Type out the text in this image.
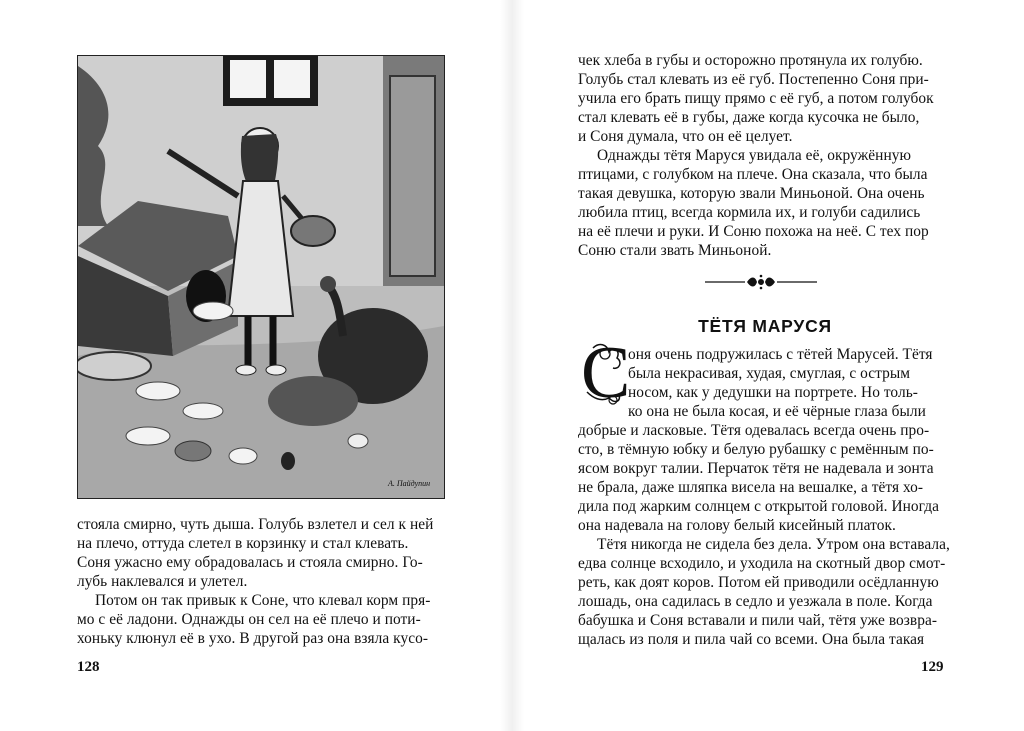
стояла смирно, чуть дыша. Голубь взлетел и сел к ней
на плечо, оттуда слетел в корзинку и стал клевать.
Соня ужасно ему обрадовалась и стояла смирно. Го-
лубь наклевался и улетел.
Потом он так привык к Соне, что клевал корм пря-
мо с её ладони. Однажды он сел на её плечо и поти-
хоньку клюнул её в ухо. В другой раз она взяла кусо-
128
чек хлеба в губы и осторожно протянула их голубю.
Голубь стал клевать из её губ. Постепенно Соня при-
учила его брать пищу прямо с её губ, а потом голубок
стал клевать её в губы, даже когда кусочка не было,
и Соня думала, что он её целует.
Однажды тётя Маруся увидала её, окружённую
птицами, с голубком на плече. Она сказала, что была
такая девушка, которую звали Миньоной. Она очень
любила птиц, всегда кормила их, и голуби садились
на её плечи и руки. И Соню похожа на неё. С тех пор
Соню стали звать Миньоной.
ТЁТЯ МАРУСЯ
С
оня очень подружилась с тётей Марусей. Тётя
была некрасивая, худая, смуглая, с острым
носом, как у дедушки на портрете. Но толь-
ко она не была косая, и её чёрные глаза были
добрые и ласковые. Тётя одевалась всегда очень про-
сто, в тёмную юбку и белую рубашку с ремённым по-
ясом вокруг талии. Перчаток тётя не надевала и зонта
не брала, даже шляпка висела на вешалке, а тётя хо-
дила под жарким солнцем с открытой головой. Иногда
она надевала на голову белый кисейный платок.
Тётя никогда не сидела без дела. Утром она вставала,
едва солнце всходило, и уходила на скотный двор смот-
реть, как доят коров. Потом ей приводили осёдланную
лошадь, она садилась в седло и уезжала в поле. Когда
бабушка и Соня вставали и пили чай, тётя уже возвра-
щалась из поля и пила чай со всеми. Она была такая
129
А. Пайдупин
